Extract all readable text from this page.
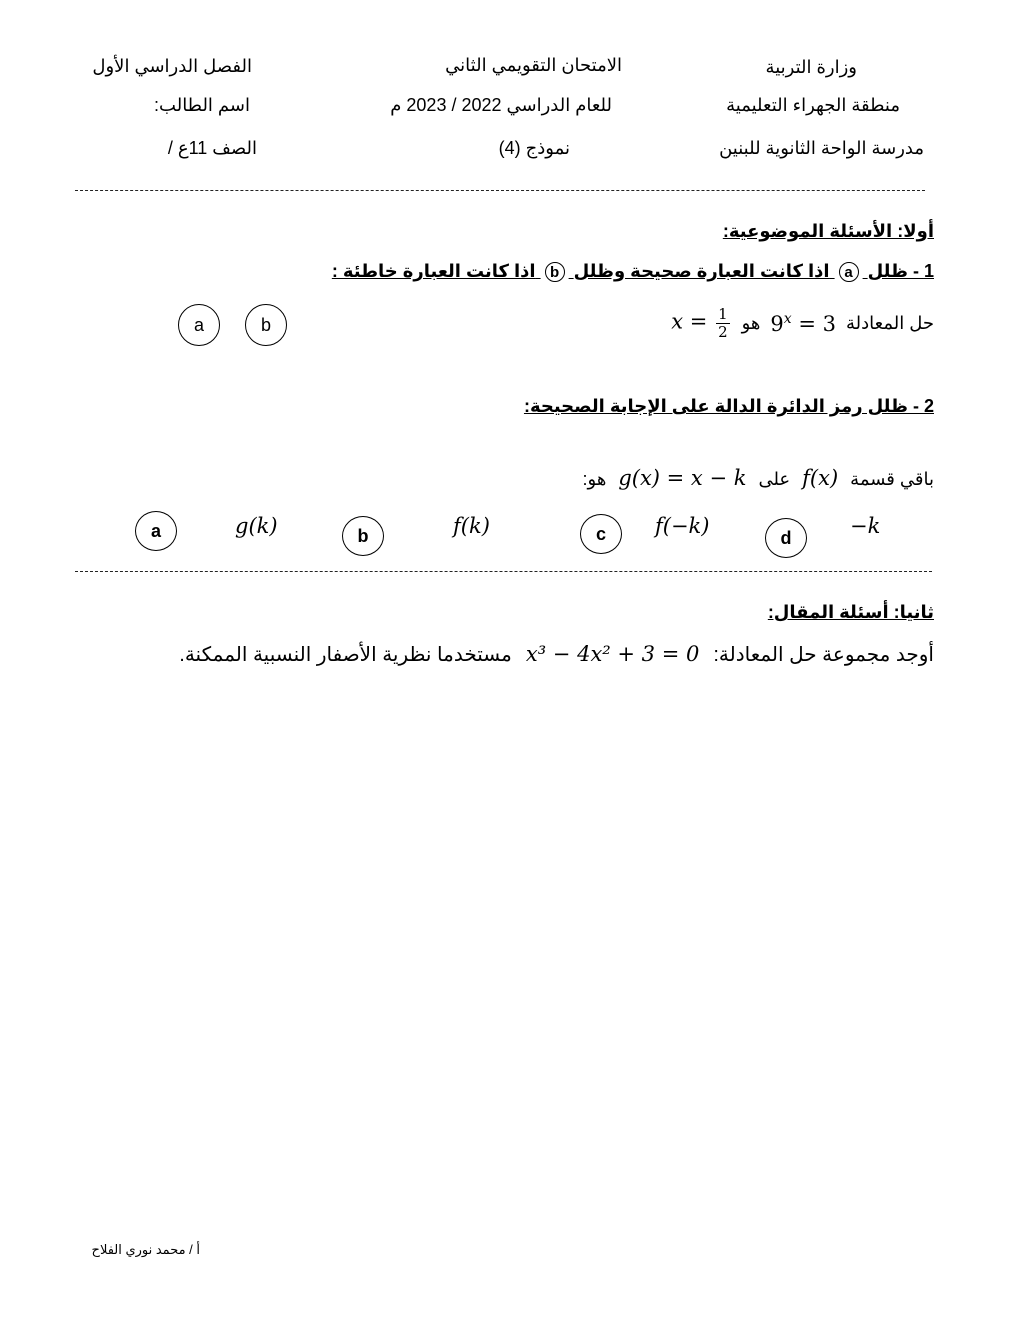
وزارة التربية
منطقة الجهراء التعليمية
مدرسة الواحة الثانوية للبنين
الامتحان التقويمي الثاني
للعام الدراسي 2022 / 2023 م
نموذج (4)
الفصل الدراسي الأول
اسم الطالب:
الصف 11ع /
أولا: الأسئلة الموضوعية:
1 - ظلل a اذا كانت العبارة صحيحة وظلل b اذا كانت العبارة خاطئة :
حل المعادلة
$9^x = 3$
هو
$x = \frac{1}{2}$
a	b
2 - ظلل رمز الدائرة الدالة على الإجابة الصحيحة:
باقي قسمة
f(x)
على
g(x) = x − k
هو:
a	g(k)	b	f(k)	c	f(−k)	d	−k
ثانيا: أسئلة المقال:
أوجد مجموعة حل المعادلة:
x³ − 4x² + 3 = 0
مستخدما نظرية الأصفار النسبية الممكنة.
أ / محمد نوري الفلاح
